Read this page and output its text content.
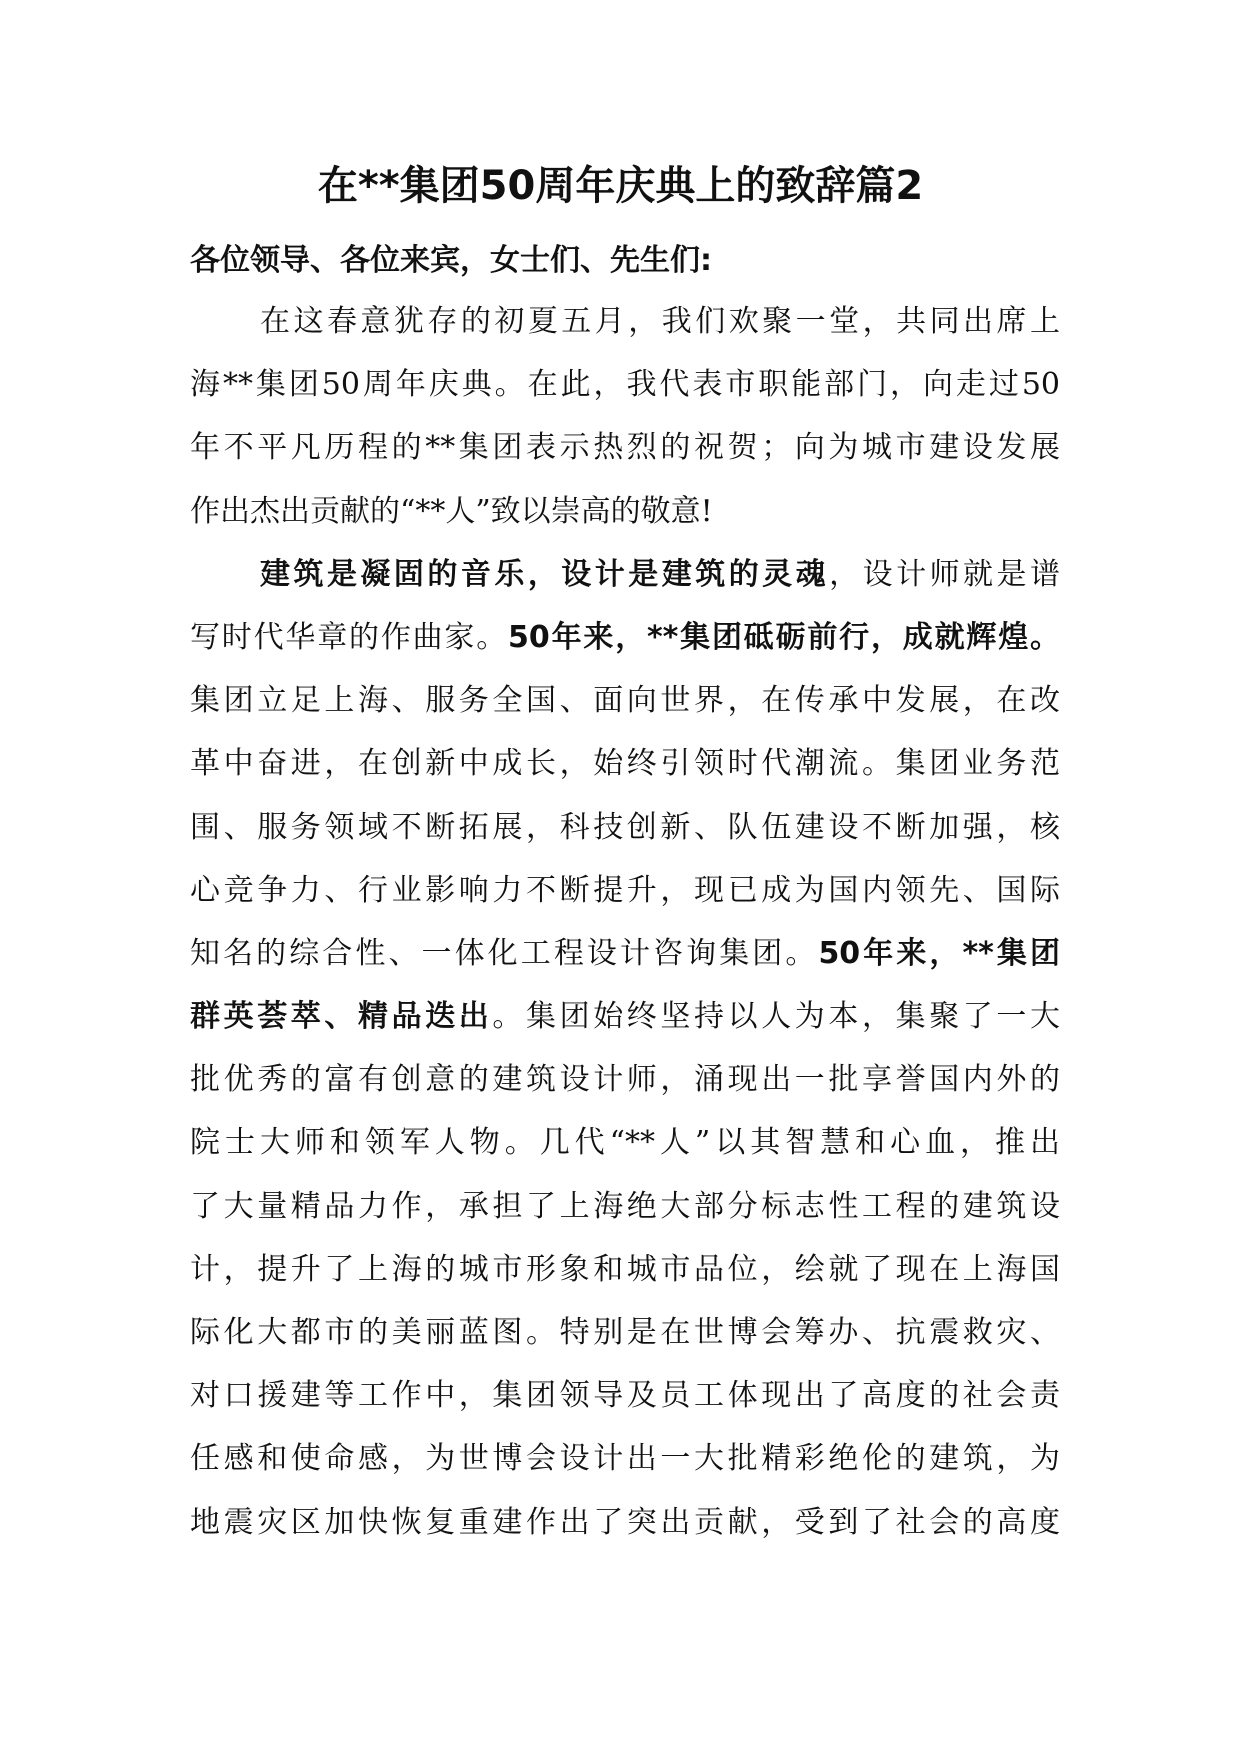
在**集团50周年庆典上的致辞篇2

各位领导、各位来宾，女士们、先生们:

在这春意犹存的初夏五月，我们欢聚一堂，共同出席上
海**集团50周年庆典。在此，我代表市职能部门，向走过50
年不平凡历程的**集团表示热烈的祝贺；向为城市建设发展
作出杰出贡献的“**人”致以崇高的敬意!
建筑是凝固的音乐，设计是建筑的灵魂，设计师就是谱
写时代华章的作曲家。50年来，**集团砥砺前行，成就辉煌。
集团立足上海、服务全国、面向世界，在传承中发展，在改
革中奋进，在创新中成长，始终引领时代潮流。集团业务范
围、服务领域不断拓展，科技创新、队伍建设不断加强，核
心竞争力、行业影响力不断提升，现已成为国内领先、国际
知名的综合性、一体化工程设计咨询集团。50年来，**集团
群英荟萃、精品迭出。集团始终坚持以人为本，集聚了一大
批优秀的富有创意的建筑设计师，涌现出一批享誉国内外的
院士大师和领军人物。几代“**人”以其智慧和心血，推出
了大量精品力作，承担了上海绝大部分标志性工程的建筑设
计，提升了上海的城市形象和城市品位，绘就了现在上海国
际化大都市的美丽蓝图。特别是在世博会筹办、抗震救灾、
对口援建等工作中，集团领导及员工体现出了高度的社会责
任感和使命感，为世博会设计出一大批精彩绝伦的建筑，为
地震灾区加快恢复重建作出了突出贡献，受到了社会的高度
